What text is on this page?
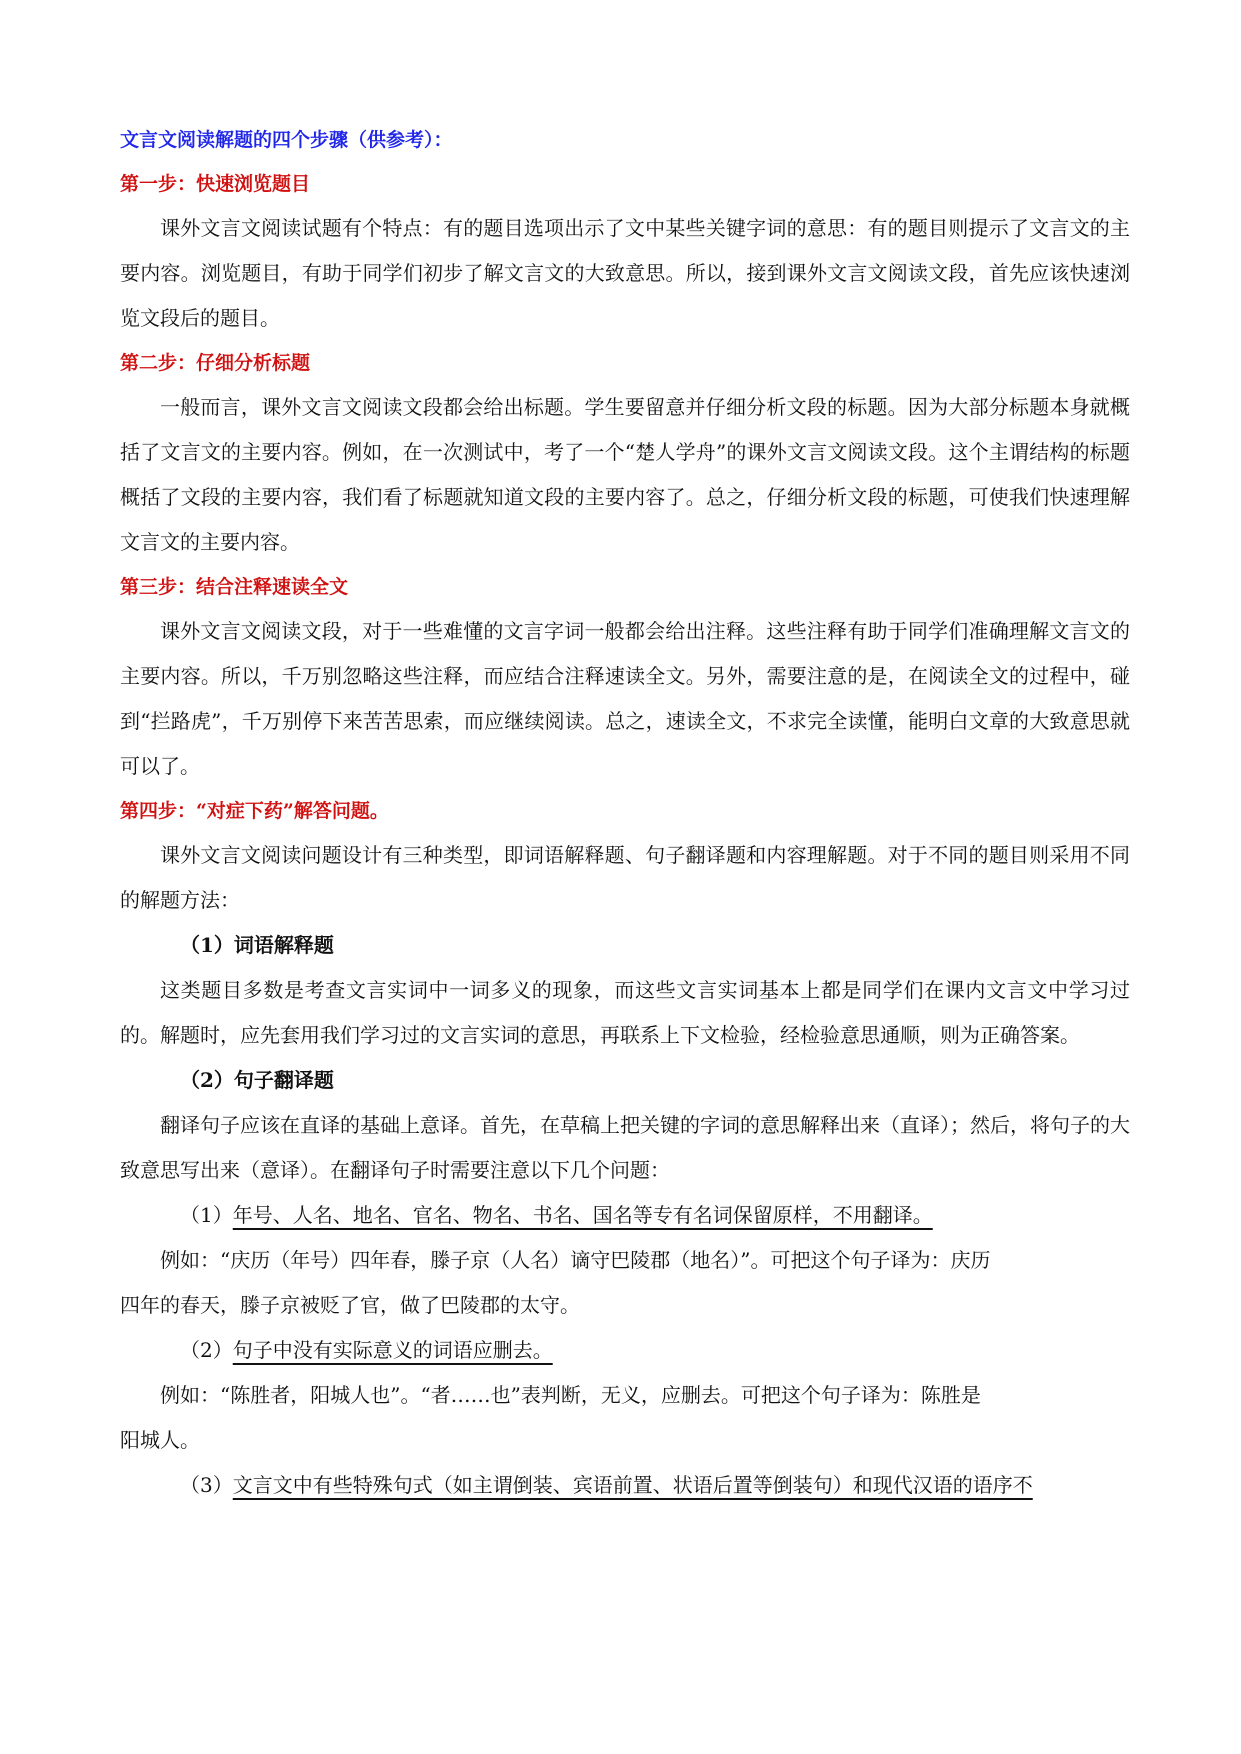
文言文阅读解题的四个步骤（供参考）：

第一步：快速浏览题目

课外文言文阅读试题有个特点：有的题目选项出示了文中某些关键字词的意思：有的题目则提示了文言文的主要内容。浏览题目，有助于同学们初步了解文言文的大致意思。所以，接到课外文言文阅读文段，首先应该快速浏览文段后的题目。

第二步：仔细分析标题

一般而言，课外文言文阅读文段都会给出标题。学生要留意并仔细分析文段的标题。因为大部分标题本身就概括了文言文的主要内容。例如，在一次测试中，考了一个“楚人学舟”的课外文言文阅读文段。这个主谓结构的标题概括了文段的主要内容，我们看了标题就知道文段的主要内容了。总之，仔细分析文段的标题，可使我们快速理解文言文的主要内容。

第三步：结合注释速读全文

课外文言文阅读文段，对于一些难懂的文言字词一般都会给出注释。这些注释有助于同学们准确理解文言文的主要内容。所以，千万别忽略这些注释，而应结合注释速读全文。另外，需要注意的是，在阅读全文的过程中，碰到“拦路虎”，千万别停下来苦苦思索，而应继续阅读。总之，速读全文，不求完全读懂，能明白文章的大致意思就可以了。

第四步：“对症下药”解答问题。

课外文言文阅读问题设计有三种类型，即词语解释题、句子翻译题和内容理解题。对于不同的题目则采用不同的解题方法：

（1）词语解释题

这类题目多数是考查文言实词中一词多义的现象，而这些文言实词基本上都是同学们在课内文言文中学习过的。解题时，应先套用我们学习过的文言实词的意思，再联系上下文检验，经检验意思通顺，则为正确答案。

（2）句子翻译题

翻译句子应该在直译的基础上意译。首先，在草稿上把关键的字词的意思解释出来（直译）；然后，将句子的大致意思写出来（意译）。在翻译句子时需要注意以下几个问题：

（1）年号、人名、地名、官名、物名、书名、国名等专有名词保留原样，不用翻译。

例如：“庆历（年号）四年春，滕子京（人名）谪守巴陵郡（地名）”。可把这个句子译为：庆历

四年的春天，滕子京被贬了官，做了巴陵郡的太守。

（2）句子中没有实际意义的词语应删去。

例如：“陈胜者，阳城人也”。“者……也”表判断，无义，应删去。可把这个句子译为：陈胜是

阳城人。

（3）文言文中有些特殊句式（如主谓倒装、宾语前置、状语后置等倒装句）和现代汉语的语序不
